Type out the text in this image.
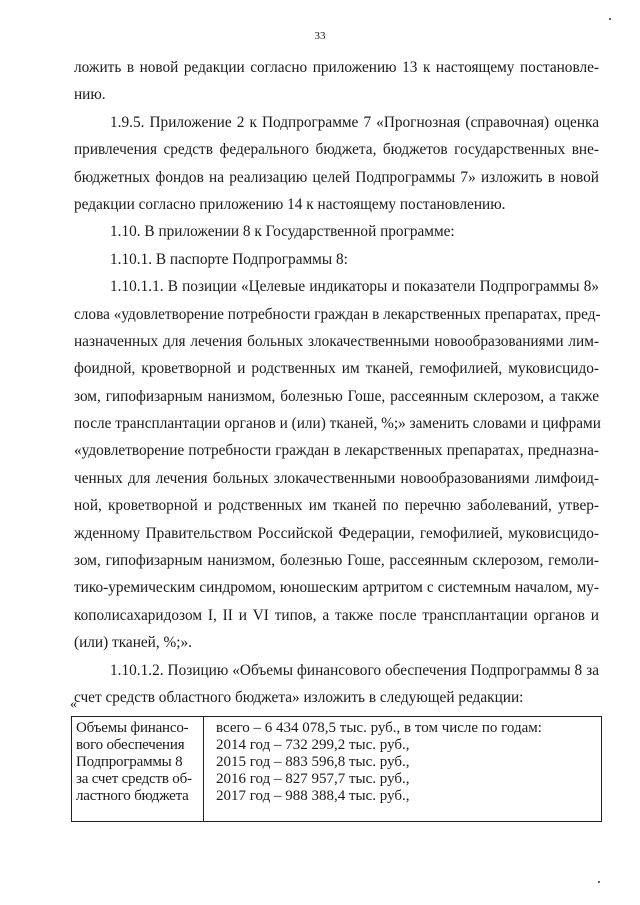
33
ложить в новой редакции согласно приложению 13 к настоящему постановле-
нию.
1.9.5. Приложение 2 к Подпрограмме 7 «Прогнозная (справочная) оценка
привлечения средств федерального бюджета, бюджетов государственных вне-
бюджетных фондов на реализацию целей Подпрограммы 7» изложить в новой
редакции согласно приложению 14 к настоящему постановлению.
1.10. В приложении 8 к Государственной программе:
1.10.1. В паспорте Подпрограммы 8:
1.10.1.1. В позиции «Целевые индикаторы и показатели Подпрограммы 8»
слова «удовлетворение потребности граждан в лекарственных препаратах, пред-
назначенных для лечения больных злокачественными новообразованиями лим-
фоидной, кроветворной и родственных им тканей, гемофилией, муковисцидо-
зом, гипофизарным нанизмом, болезнью Гоше, рассеянным склерозом, а также
после трансплантации органов и (или) тканей, %;» заменить словами и цифрами
«удовлетворение потребности граждан в лекарственных препаратах, предназна-
ченных для лечения больных злокачественными новообразованиями лимфоид-
ной, кроветворной и родственных им тканей по перечню заболеваний, утвер-
жденному Правительством Российской Федерации, гемофилией, муковисцидо-
зом, гипофизарным нанизмом, болезнью Гоше, рассеянным склерозом, гемоли-
тико-уремическим синдромом, юношеским артритом с системным началом, му-
кополисахаридозом I, II и VI типов, а также после трансплантации органов и
(или) тканей, %;».
1.10.1.2. Позицию «Объемы финансового обеспечения Подпрограммы 8 за
счет средств областного бюджета» изложить в следующей редакции:
«
Объемы финансо-
вого обеспечения
Подпрограммы 8
за счет средств об-
ластного бюджета
всего – 6 434 078,5 тыс. руб., в том числе по годам:
2014 год – 732 299,2 тыс. руб.,
2015 год – 883 596,8 тыс. руб.,
2016 год – 827 957,7 тыс. руб.,
2017 год – 988 388,4 тыс. руб.,
